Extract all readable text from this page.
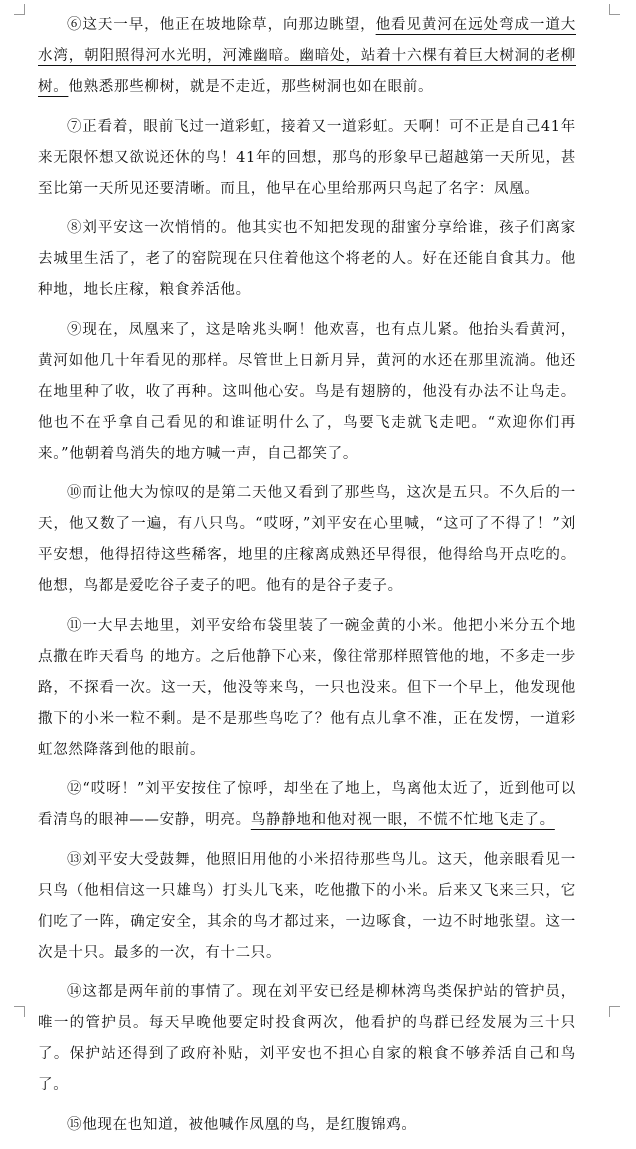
⑥这天一早，他正在坡地除草，向那边眺望，他看见黄河在远处弯成一道大水湾，朝阳照得河水光明，河滩幽暗。幽暗处，站着十六棵有着巨大树洞的老柳树。他熟悉那些柳树，就是不走近，那些树洞也如在眼前。

⑦正看着，眼前飞过一道彩虹，接着又一道彩虹。天啊！可不正是自己41年来无限怀想又欲说还休的鸟！41年的回想，那鸟的形象早已超越第一天所见，甚至比第一天所见还要清晰。而且，他早在心里给那两只鸟起了名字：凤凰。

⑧刘平安这一次悄悄的。他其实也不知把发现的甜蜜分享给谁，孩子们离家去城里生活了，老了的窑院现在只住着他这个将老的人。好在还能自食其力。他种地，地长庄稼，粮食养活他。

⑨现在，凤凰来了，这是啥兆头啊！他欢喜，也有点儿紧。他抬头看黄河，黄河如他几十年看见的那样。尽管世上日新月异，黄河的水还在那里流淌。他还在地里种了收，收了再种。这叫他心安。鸟是有翅膀的，他没有办法不让鸟走。他也不在乎拿自己看见的和谁证明什么了，鸟要飞走就飞走吧。“欢迎你们再来。”他朝着鸟消失的地方喊一声，自己都笑了。

⑩而让他大为惊叹的是第二天他又看到了那些鸟，这次是五只。不久后的一天，他又数了一遍，有八只鸟。“哎呀，”刘平安在心里喊，“这可了不得了！”刘平安想，他得招待这些稀客，地里的庄稼离成熟还早得很，他得给鸟开点吃的。他想，鸟都是爱吃谷子麦子的吧。他有的是谷子麦子。

⑪一大早去地里，刘平安给布袋里装了一碗金黄的小米。他把小米分五个地点撒在昨天看鸟 的地方。之后他静下心来，像往常那样照管他的地，不多走一步路，不探看一次。这一天，他没等来鸟，一只也没来。但下一个早上，他发现他撒下的小米一粒不剩。是不是那些鸟吃了？他有点儿拿不准，正在发愣，一道彩虹忽然降落到他的眼前。

⑫“哎呀！”刘平安按住了惊呼，却坐在了地上，鸟离他太近了，近到他可以看清鸟的眼神——安静，明亮。鸟静静地和他对视一眼，不慌不忙地飞走了。

⑬刘平安大受鼓舞，他照旧用他的小米招待那些鸟儿。这天，他亲眼看见一只鸟（他相信这一只雄鸟）打头儿飞来，吃他撒下的小米。后来又飞来三只，它们吃了一阵，确定安全，其余的鸟才都过来，一边啄食，一边不时地张望。这一次是十只。最多的一次，有十二只。

⑭这都是两年前的事情了。现在刘平安已经是柳林湾鸟类保护站的管护员，唯一的管护员。每天早晚他要定时投食两次，他看护的鸟群已经发展为三十只了。保护站还得到了政府补贴，刘平安也不担心自家的粮食不够养活自己和鸟了。

⑮他现在也知道，被他喊作凤凰的鸟，是红腹锦鸡。
